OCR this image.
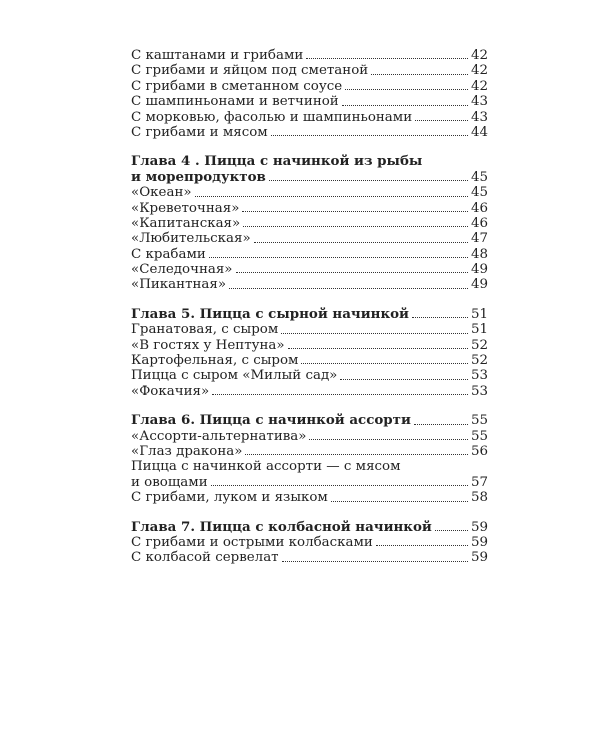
С каштанами и грибами	42
С грибами и яйцом под сметаной	42
С грибами в сметанном соусе	42
С шампиньонами и ветчиной	43
С морковью, фасолью и шампиньонами	43
С грибами и мясом	44
Глава 4 . Пицца с начинкой из рыбы
и морепродуктов	45
«Океан»	45
«Креветочная»	46
«Капитанская»	46
«Любительская»	47
С крабами	48
«Селедочная»	49
«Пикантная»	49
Глава 5. Пицца с сырной начинкой	51
Гранатовая, с сыром	51
«В гостях у Нептуна»	52
Картофельная, с сыром	52
Пицца с сыром «Милый сад»	53
«Фокачия»	53
Глава 6. Пицца с начинкой ассорти	55
«Ассорти-альтернатива»	55
«Глаз дракона»	56
Пицца с начинкой ассорти — с мясом
и овощами	57
С грибами, луком и языком	58
Глава 7. Пицца с колбасной начинкой	59
С грибами и острыми колбасками	59
С колбасой сервелат	59
